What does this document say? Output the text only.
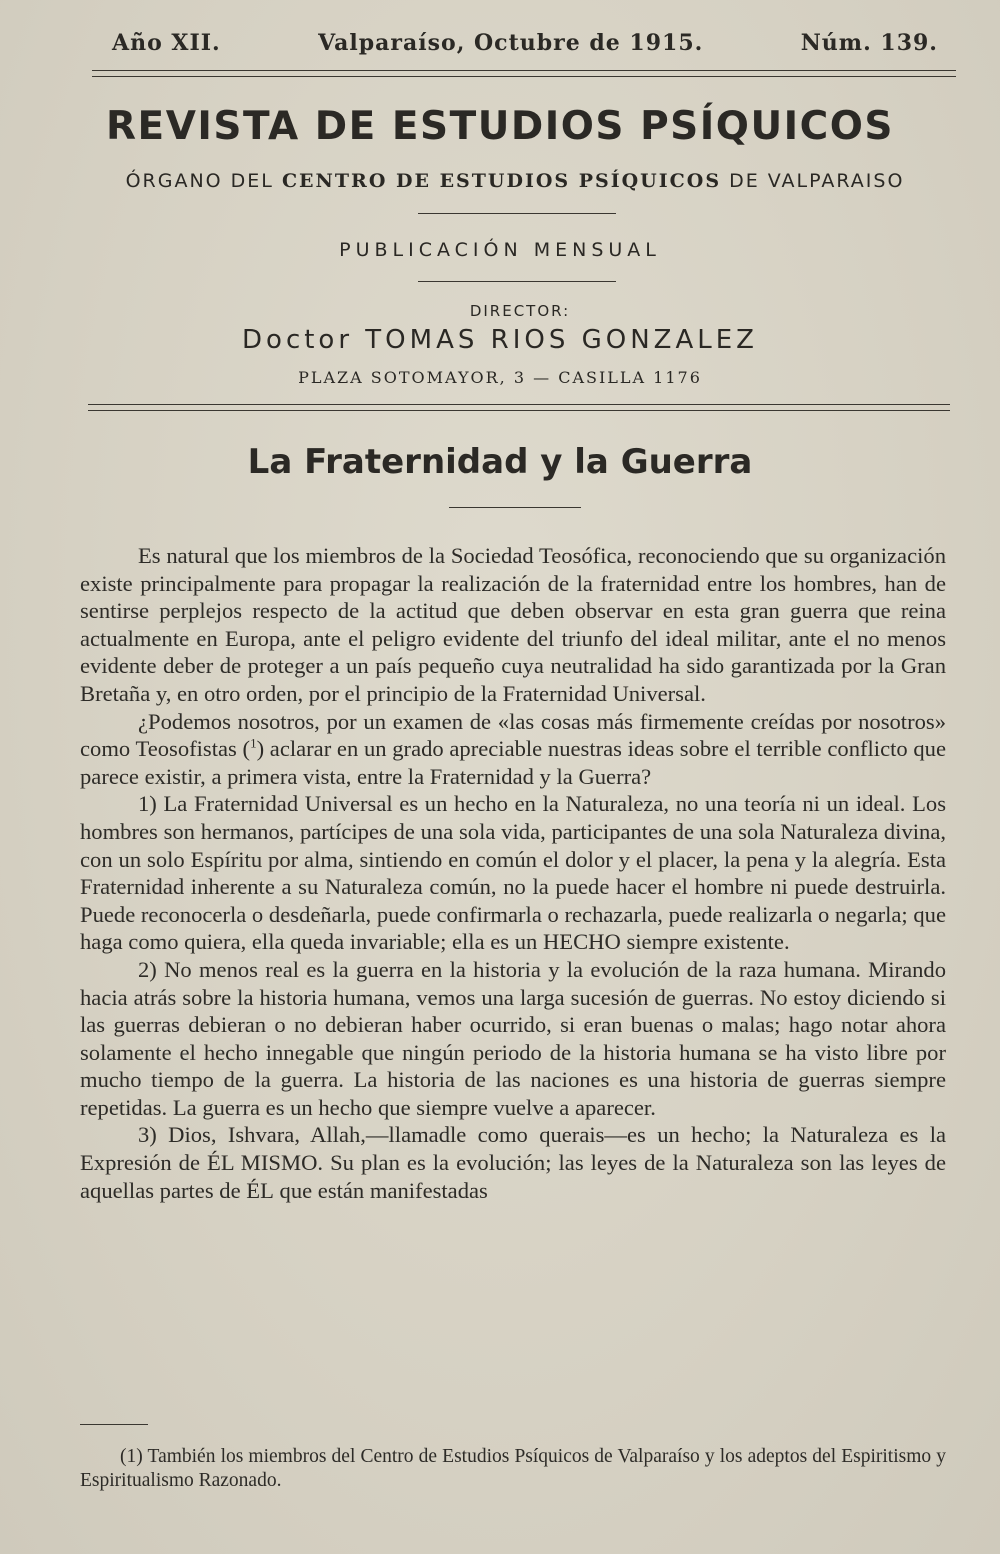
Año XII.	Valparaíso, Octubre de 1915.	Núm. 139.
REVISTA DE ESTUDIOS PSÍQUICOS
ÓRGANO DEL CENTRO DE ESTUDIOS PSÍQUICOS DE VALPARAISO
PUBLICACIÓN MENSUAL
DIRECTOR:
Doctor TOMAS RIOS GONZALEZ
PLAZA SOTOMAYOR, 3 — CASILLA 1176
La Fraternidad y la Guerra

Es natural que los miembros de la Sociedad Teosófica, reconociendo que su organización existe principalmente para propagar la realización de la fraternidad entre los hombres, han de sentirse perplejos respecto de la actitud que deben observar en esta gran guerra que reina actualmente en Europa, ante el peligro evidente del triunfo del ideal militar, ante el no menos evidente deber de proteger a un país pequeño cuya neutralidad ha sido garantizada por la Gran Bretaña y, en otro orden, por el principio de la Fraternidad Universal.

¿Podemos nosotros, por un examen de «las cosas más firmemente creídas por nosotros» como Teosofistas ($^1$) aclarar en un grado apreciable nuestras ideas sobre el terrible conflicto que parece existir, a primera vista, entre la Fraternidad y la Guerra?

1) La Fraternidad Universal es un hecho en la Naturaleza, no una teoría ni un ideal. Los hombres son hermanos, partícipes de una sola vida, participantes de una sola Naturaleza divina, con un solo Espíritu por alma, sintiendo en común el dolor y el placer, la pena y la alegría. Esta Fraternidad inherente a su Naturaleza común, no la puede hacer el hombre ni puede destruirla. Puede reconocerla o desdeñarla, puede confirmarla o rechazarla, puede realizarla o negarla; que haga como quiera, ella queda invariable; ella es un HECHO siempre existente.

2) No menos real es la guerra en la historia y la evolución de la raza humana. Mirando hacia atrás sobre la historia humana, vemos una larga sucesión de guerras. No estoy diciendo si las guerras debieran o no debieran haber ocurrido, si eran buenas o malas; hago notar ahora solamente el hecho innegable que ningún periodo de la historia humana se ha visto libre por mucho tiempo de la guerra. La historia de las naciones es una historia de guerras siempre repetidas. La guerra es un hecho que siempre vuelve a aparecer.

3) Dios, Ishvara, Allah,—llamadle como querais—es un hecho; la Naturaleza es la Expresión de ÉL MISMO. Su plan es la evolución; las leyes de la Naturaleza son las leyes de aquellas partes de ÉL que están manifestadas

(1) También los miembros del Centro de Estudios Psíquicos de Valparaíso y los adeptos del Espiritismo y Espiritualismo Razonado.
